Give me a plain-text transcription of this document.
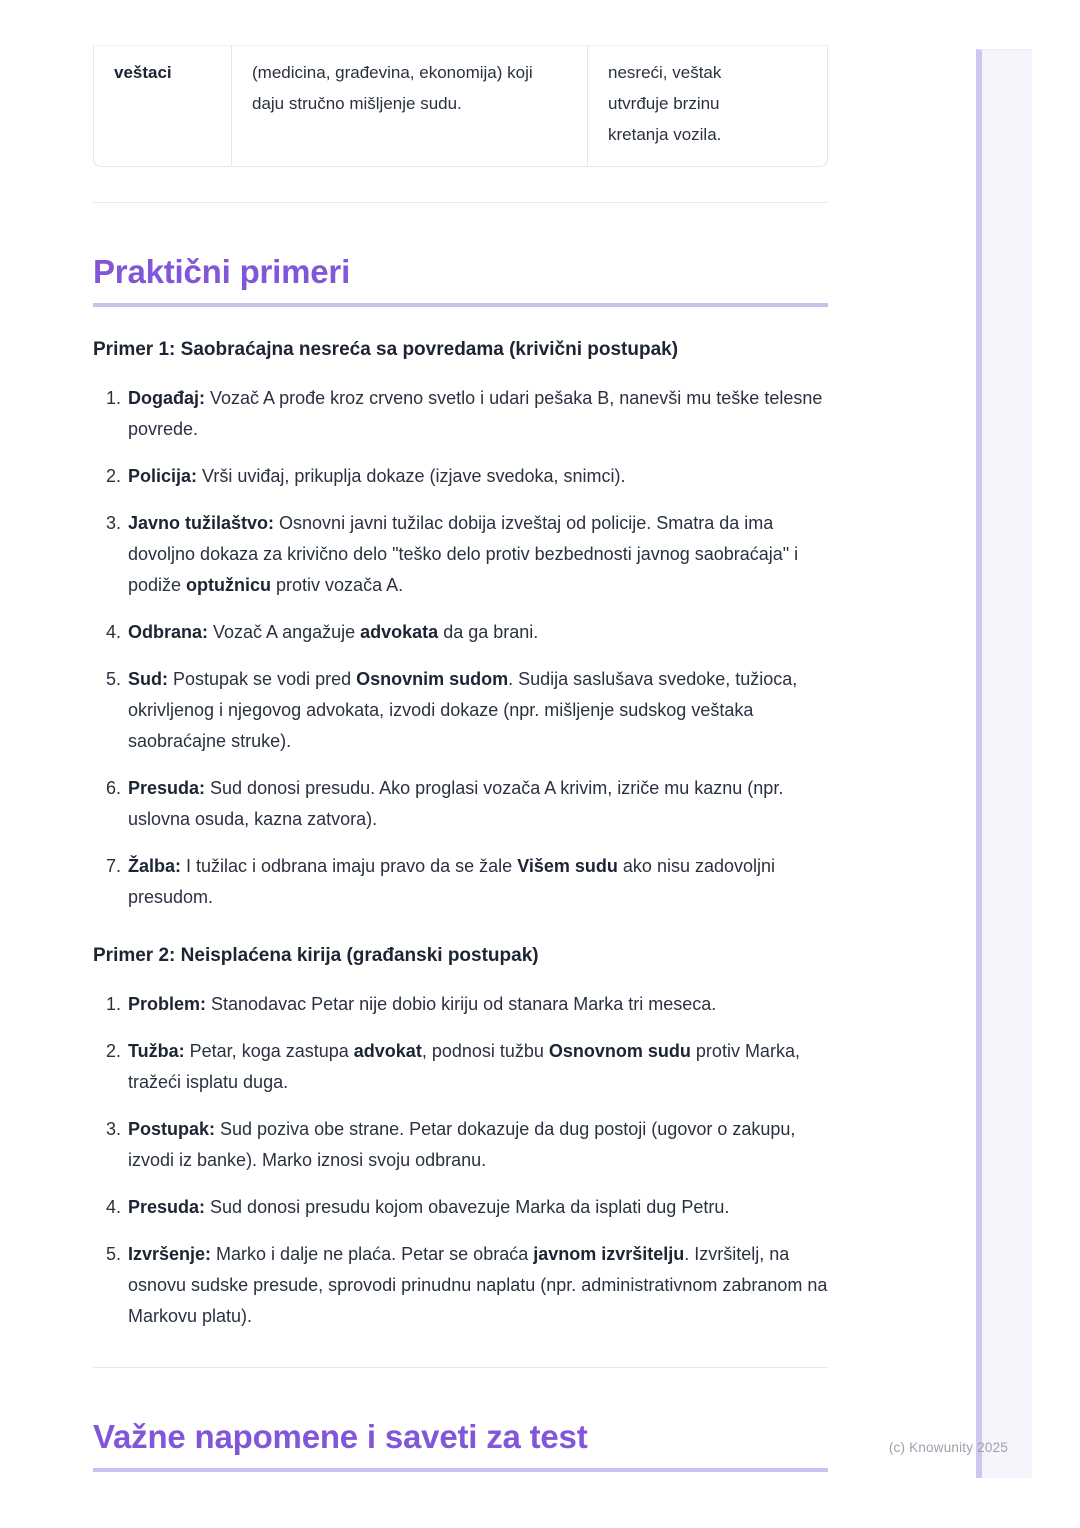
veštaci	(medicina, građevina, ekonomija) koji daju stručno mišljenje sudu.
nesreći, veštak utvrđuje brzinu kretanja vozila.
Praktični primeri
Primer 1: Saobraćajna nesreća sa povredama (krivični postupak)
1. Događaj: Vozač A prođe kroz crveno svetlo i udari pešaka B, nanevši mu teške telesne povrede.
2. Policija: Vrši uviđaj, prikuplja dokaze (izjave svedoka, snimci).
3. Javno tužilaštvo: Osnovni javni tužilac dobija izveštaj od policije. Smatra da ima dovoljno dokaza za krivično delo "teško delo protiv bezbednosti javnog saobraćaja" i podiže optužnicu protiv vozača A.
4. Odbrana: Vozač A angažuje advokata da ga brani.
5. Sud: Postupak se vodi pred Osnovnim sudom. Sudija saslušava svedoke, tužioca, okrivljenog i njegovog advokata, izvodi dokaze (npr. mišljenje sudskog veštaka saobraćajne struke).
6. Presuda: Sud donosi presudu. Ako proglasi vozača A krivim, izriče mu kaznu (npr. uslovna osuda, kazna zatvora).
7. Žalba: I tužilac i odbrana imaju pravo da se žale Višem sudu ako nisu zadovoljni presudom.
Primer 2: Neisplaćena kirija (građanski postupak)
1. Problem: Stanodavac Petar nije dobio kiriju od stanara Marka tri meseca.
2. Tužba: Petar, koga zastupa advokat, podnosi tužbu Osnovnom sudu protiv Marka, tražeći isplatu duga.
3. Postupak: Sud poziva obe strane. Petar dokazuje da dug postoji (ugovor o zakupu, izvodi iz banke). Marko iznosi svoju odbranu.
4. Presuda: Sud donosi presudu kojom obavezuje Marka da isplati dug Petru.
5. Izvršenje: Marko i dalje ne plaća. Petar se obraća javnom izvršitelju. Izvršitelj, na osnovu sudske presude, sprovodi prinudnu naplatu (npr. administrativnom zabranom na Markovu platu).
Važne napomene i saveti za test	(c) Knowunity 2025
